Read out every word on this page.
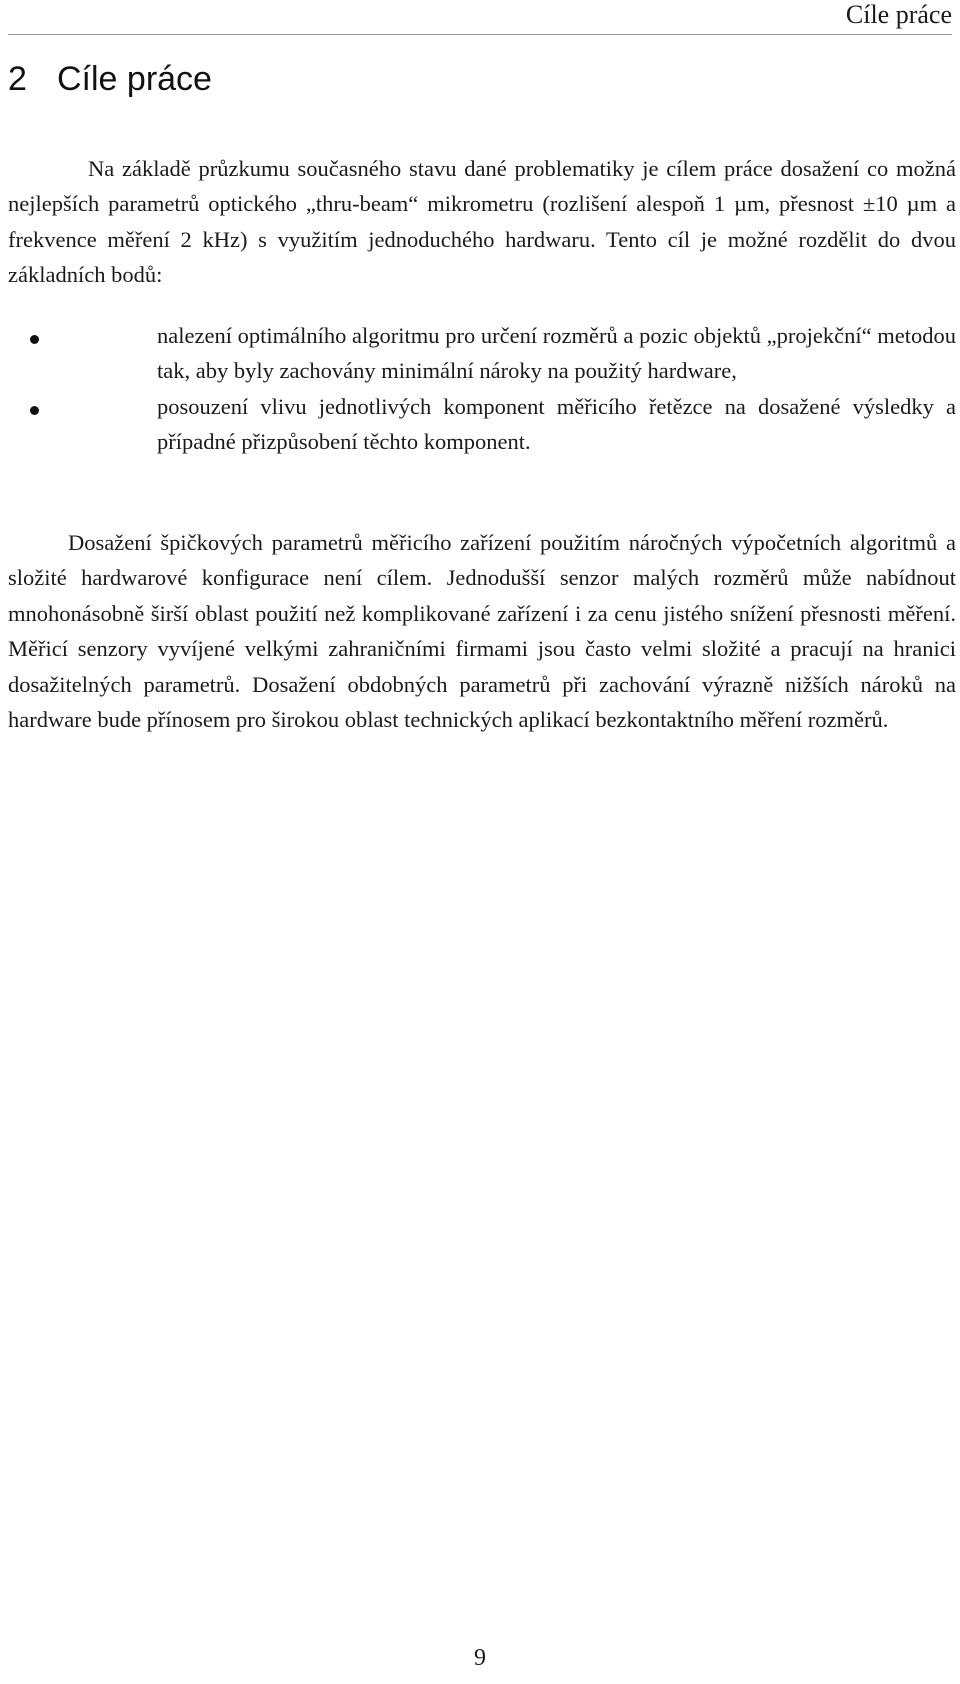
Cíle práce
2 Cíle práce

Na základě průzkumu současného stavu dané problematiky je cílem práce dosažení co možná nejlepších parametrů optického „thru-beam“ mikrometru (rozlišení alespoň 1 µm, přesnost ±10 µm a frekvence měření 2 kHz) s využitím jednoduchého hardwaru. Tento cíl je možné rozdělit do dvou základních bodů:

nalezení optimálního algoritmu pro určení rozměrů a pozic objektů „projekční“ metodou tak, aby byly zachovány minimální nároky na použitý hardware,
posouzení vlivu jednotlivých komponent měřicího řetězce na dosažené výsledky a případné přizpůsobení těchto komponent.

Dosažení špičkových parametrů měřicího zařízení použitím náročných výpočetních algoritmů a složité hardwarové konfigurace není cílem. Jednodušší senzor malých rozměrů může nabídnout mnohonásobně širší oblast použití než komplikované zařízení i za cenu jistého snížení přesnosti měření. Měřicí senzory vyvíjené velkými zahraničními firmami jsou často velmi složité a pracují na hranici dosažitelných parametrů. Dosažení obdobných parametrů při zachování výrazně nižších nároků na hardware bude přínosem pro širokou oblast technických aplikací bezkontaktního měření rozměrů.

9
